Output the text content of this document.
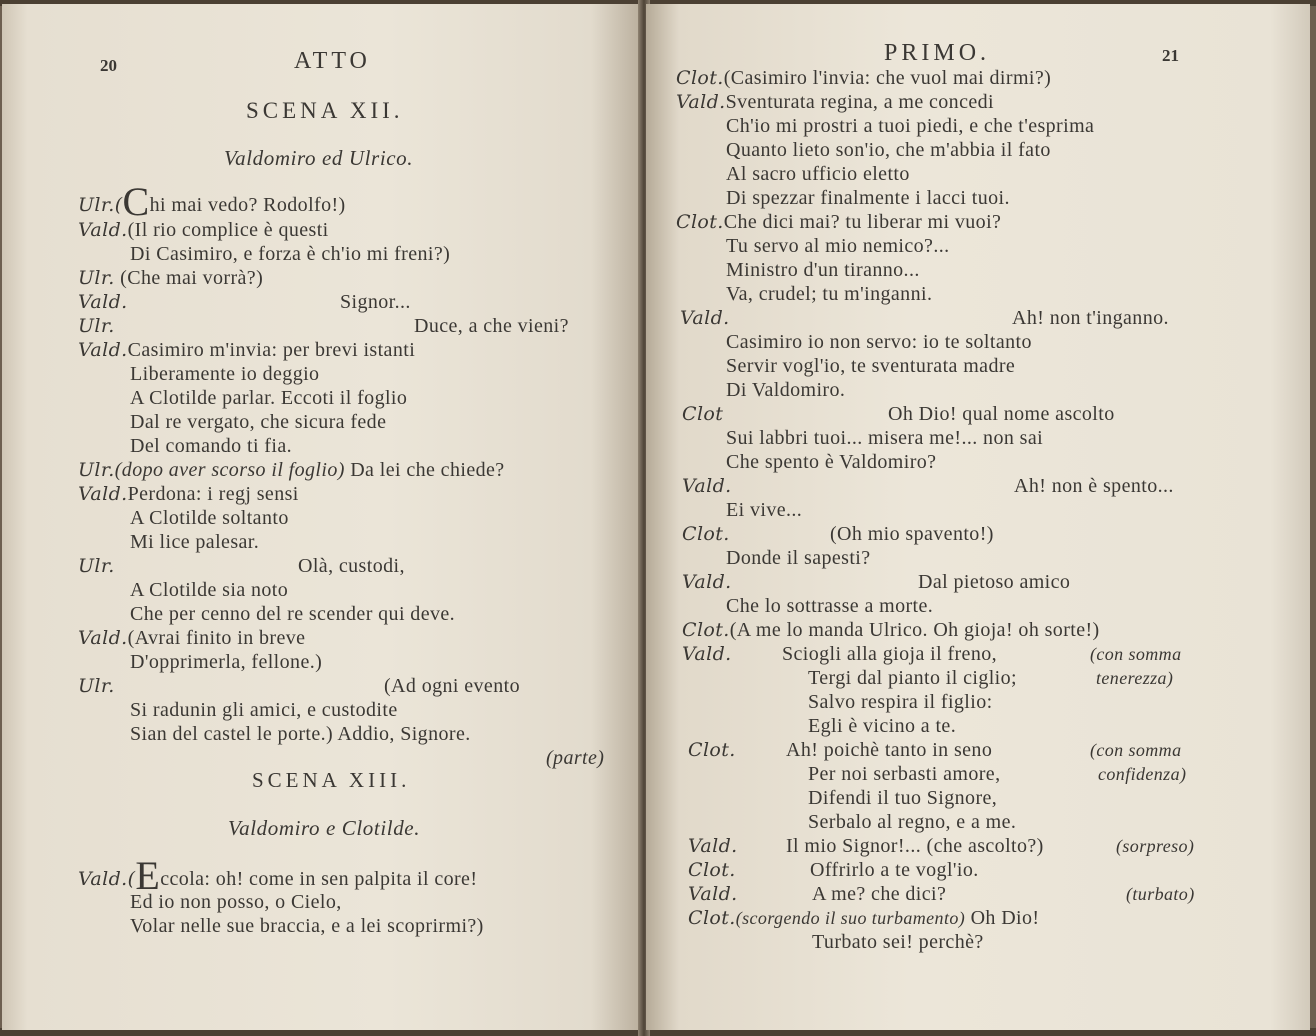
20	ATTO
SCENA XII.
Valdomiro ed Ulrico.
Ulr.(Chi mai vedo? Rodolfo!)
Vald.(Il rio complice è questi
Di Casimiro, e forza è ch'io mi freni?)
Ulr. (Che mai vorrà?)
Vald.	Signor...
Ulr.	Duce, a che vieni?
Vald.Casimiro m'invia: per brevi istanti
Liberamente io deggio
A Clotilde parlar. Eccoti il foglio
Dal re vergato, che sicura fede
Del comando ti fia.
Ulr.(dopo aver scorso il foglio) Da lei che chiede?
Vald.Perdona: i regj sensi
A Clotilde soltanto
Mi lice palesar.
Ulr.	Olà, custodi,
A Clotilde sia noto
Che per cenno del re scender qui deve.
Vald.(Avrai finito in breve
D'opprimerla, fellone.)
Ulr.	(Ad ogni evento
Si radunin gli amici, e custodite
Sian del castel le porte.) Addio, Signore.
(parte)
SCENA XIII.
Valdomiro e Clotilde.
Vald.(Eccola: oh! come in sen palpita il core!
Ed io non posso, o Cielo,
Volar nelle sue braccia, e a lei scoprirmi?)
PRIMO.	21
Clot.(Casimiro l'invia: che vuol mai dirmi?)
Vald.Sventurata regina, a me concedi
Ch'io mi prostri a tuoi piedi, e che t'esprima
Quanto lieto son'io, che m'abbia il fato
Al sacro ufficio eletto
Di spezzar finalmente i lacci tuoi.
Clot.Che dici mai? tu liberar mi vuoi?
Tu servo al mio nemico?...
Ministro d'un tiranno...
Va, crudel; tu m'inganni.
Vald.	Ah! non t'inganno.
Casimiro io non servo: io te soltanto
Servir vogl'io, te sventurata madre
Di Valdomiro.
Clot	Oh Dio! qual nome ascolto
Sui labbri tuoi... misera me!... non sai
Che spento è Valdomiro?
Vald.	Ah! non è spento...
Ei vive...
Clot.	(Oh mio spavento!)
Donde il sapesti?
Vald.	Dal pietoso amico
Che lo sottrasse a morte.
Clot.(A me lo manda Ulrico. Oh gioja! oh sorte!)
Vald.	Sciogli alla gioja il freno,	(con somma
Tergi dal pianto il ciglio;	tenerezza)
Salvo respira il figlio:
Egli è vicino a te.
Clot.	Ah! poichè tanto in seno	(con somma
Per noi serbasti amore,	confidenza)
Difendi il tuo Signore,
Serbalo al regno, e a me.
Vald. Il mio Signor!... (che ascolto?)	(sorpreso)
Clot.	Offrirlo a te vogl'io.
Vald.	A me? che dici?	(turbato)
Clot.(scorgendo il suo turbamento) Oh Dio!
Turbato sei! perchè?
